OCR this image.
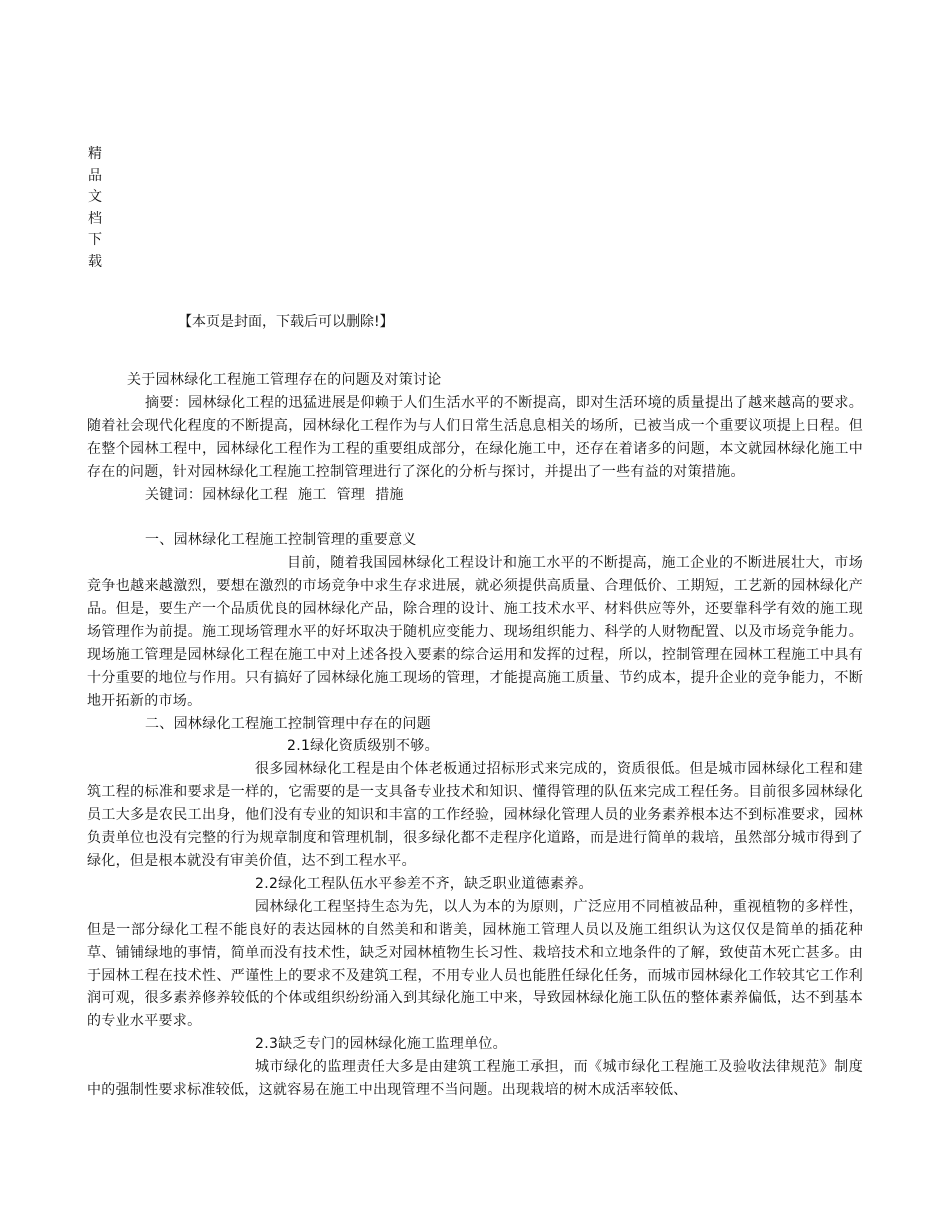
精
品
文
档
下
载
【本页是封面，下载后可以删除!】

关于园林绿化工程施工管理存在的问题及对策讨论

摘要：园林绿化工程的迅猛进展是仰赖于人们生活水平的不断提高，即对生活环境的质量提出了越来越高的要求。随着社会现代化程度的不断提高，园林绿化工程作为与人们日常生活息息相关的场所，已被当成一个重要议项提上日程。但在整个园林工程中，园林绿化工程作为工程的重要组成部分，在绿化施工中，还存在着诸多的问题，本文就园林绿化施工中存在的问题，针对园林绿化工程施工控制管理进行了深化的分析与探讨，并提出了一些有益的对策措施。

关键词：园林绿化工程 施工 管理 措施

一、园林绿化工程施工控制管理的重要意义

目前，随着我国园林绿化工程设计和施工水平的不断提高，施工企业的不断进展壮大，市场竞争也越来越激烈，要想在激烈的市场竞争中求生存求进展，就必须提供高质量、合理低价、工期短，工艺新的园林绿化产品。但是，要生产一个品质优良的园林绿化产品，除合理的设计、施工技术水平、材料供应等外，还要靠科学有效的施工现场管理作为前提。施工现场管理水平的好坏取决于随机应变能力、现场组织能力、科学的人财物配置、以及市场竞争能力。现场施工管理是园林绿化工程在施工中对上述各投入要素的综合运用和发挥的过程，所以，控制管理在园林工程施工中具有十分重要的地位与作用。只有搞好了园林绿化施工现场的管理，才能提高施工质量、节约成本，提升企业的竞争能力，不断地开拓新的市场。

二、园林绿化工程施工控制管理中存在的问题

2.1绿化资质级别不够。

很多园林绿化工程是由个体老板通过招标形式来完成的，资质很低。但是城市园林绿化工程和建筑工程的标准和要求是一样的，它需要的是一支具备专业技术和知识、懂得管理的队伍来完成工程任务。目前很多园林绿化员工大多是农民工出身，他们没有专业的知识和丰富的工作经验，园林绿化管理人员的业务素养根本达不到标准要求，园林负责单位也没有完整的行为规章制度和管理机制，很多绿化都不走程序化道路，而是进行简单的栽培，虽然部分城市得到了绿化，但是根本就没有审美价值，达不到工程水平。

2.2绿化工程队伍水平参差不齐，缺乏职业道德素养。

园林绿化工程坚持生态为先，以人为本的为原则，广泛应用不同植被品种，重视植物的多样性，但是一部分绿化工程不能良好的表达园林的自然美和和谐美，园林施工管理人员以及施工组织认为这仅仅是简单的插花种草、铺铺绿地的事情，简单而没有技术性，缺乏对园林植物生长习性、栽培技术和立地条件的了解，致使苗木死亡甚多。由于园林工程在技术性、严谨性上的要求不及建筑工程，不用专业人员也能胜任绿化任务，而城市园林绿化工作较其它工作利润可观，很多素养修养较低的个体或组织纷纷涌入到其绿化施工中来，导致园林绿化施工队伍的整体素养偏低，达不到基本的专业水平要求。

2.3缺乏专门的园林绿化施工监理单位。

城市绿化的监理责任大多是由建筑工程施工承担，而《城市绿化工程施工及验收法律规范》制度中的强制性要求标准较低，这就容易在施工中出现管理不当问题。出现栽培的树木成活率较低、
